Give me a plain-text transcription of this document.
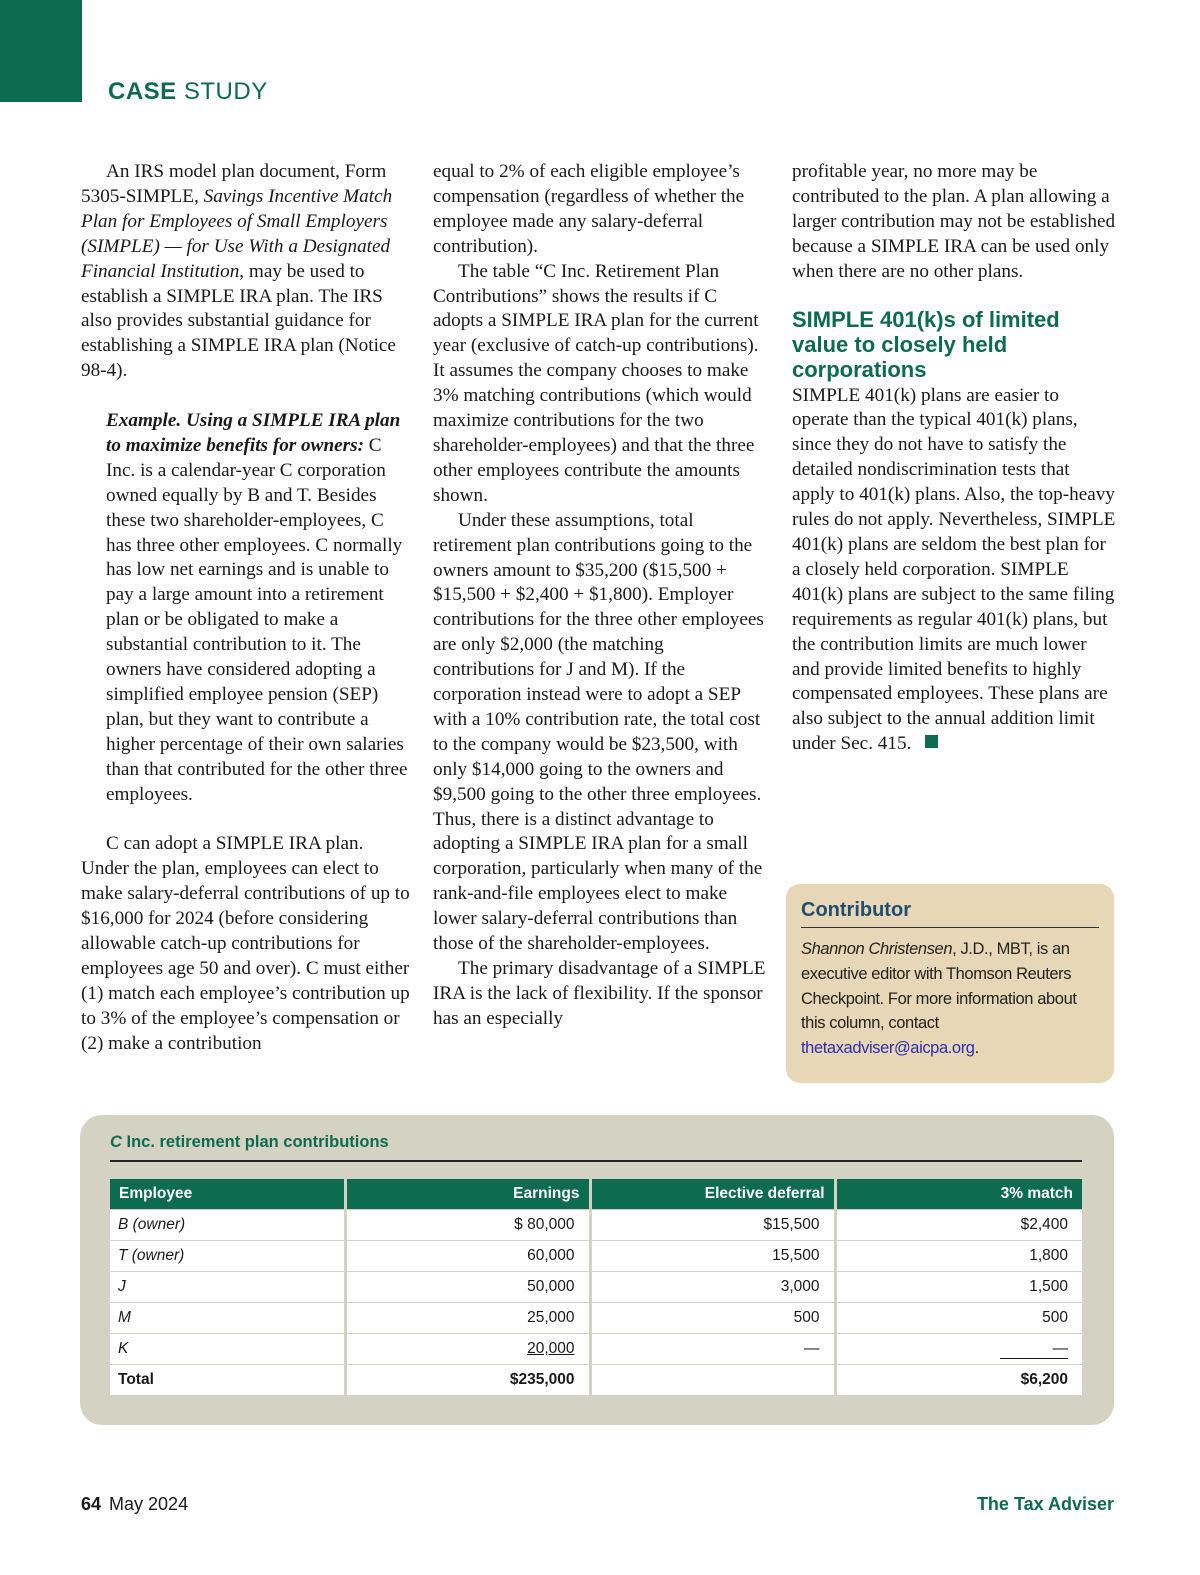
CASE STUDY

An IRS model plan document, Form 5305-SIMPLE, Savings Incentive Match Plan for Employees of Small Employers (SIMPLE) — for Use With a Designated Financial Institution, may be used to establish a SIMPLE IRA plan. The IRS also provides substantial guidance for establishing a SIMPLE IRA plan (Notice 98-4).

Example. Using a SIMPLE IRA plan to maximize benefits for owners: C Inc. is a calendar-year C corporation owned equally by B and T. Besides these two shareholder-employees, C has three other employees. C normally has low net earnings and is unable to pay a large amount into a retirement plan or be obligated to make a substantial contribution to it. The owners have considered adopting a simplified employee pension (SEP) plan, but they want to contribute a higher percentage of their own salaries than that contributed for the other three employees.

C can adopt a SIMPLE IRA plan. Under the plan, employees can elect to make salary-deferral contributions of up to $16,000 for 2024 (before considering allowable catch-up contributions for employees age 50 and over). C must either (1) match each employee’s contribution up to 3% of the employee’s compensation or (2) make a contribution

equal to 2% of each eligible employee’s compensation (regardless of whether the employee made any salary-deferral contribution).

The table “C Inc. Retirement Plan Contributions” shows the results if C adopts a SIMPLE IRA plan for the current year (exclusive of catch-up contributions). It assumes the company chooses to make 3% matching contributions (which would maximize contributions for the two shareholder-employees) and that the three other employees contribute the amounts shown.

Under these assumptions, total retirement plan contributions going to the owners amount to $35,200 ($15,500 + $15,500 + $2,400 + $1,800). Employer contributions for the three other employees are only $2,000 (the matching contributions for J and M). If the corporation instead were to adopt a SEP with a 10% contribution rate, the total cost to the company would be $23,500, with only $14,000 going to the owners and $9,500 going to the other three employees. Thus, there is a distinct advantage to adopting a SIMPLE IRA plan for a small corporation, particularly when many of the rank-and-file employees elect to make lower salary-deferral contributions than those of the shareholder-employees.

The primary disadvantage of a SIMPLE IRA is the lack of flexibility. If the sponsor has an especially

profitable year, no more may be contributed to the plan. A plan allowing a larger contribution may not be established because a SIMPLE IRA can be used only when there are no other plans.

SIMPLE 401(k)s of limited value to closely held corporations

SIMPLE 401(k) plans are easier to operate than the typical 401(k) plans, since they do not have to satisfy the detailed nondiscrimination tests that apply to 401(k) plans. Also, the top-heavy rules do not apply. Nevertheless, SIMPLE 401(k) plans are seldom the best plan for a closely held corporation. SIMPLE 401(k) plans are subject to the same filing requirements as regular 401(k) plans, but the contribution limits are much lower and provide limited benefits to highly compensated employees. These plans are also subject to the annual addition limit under Sec. 415.

Contributor
Shannon Christensen, J.D., MBT, is an executive editor with Thomson Reuters Checkpoint. For more information about this column, contact thetaxadviser@aicpa.org.
C Inc. retirement plan contributions
Employee	Earnings	Elective deferral	3% match
B (owner)	$ 80,000	$15,500	$2,400
T (owner)	60,000	15,500	1,800
J	50,000	3,000	1,500
M	25,000	500	500
K	20,000	—	—
Total	$235,000		$6,200
64 May 2024	The Tax Adviser
